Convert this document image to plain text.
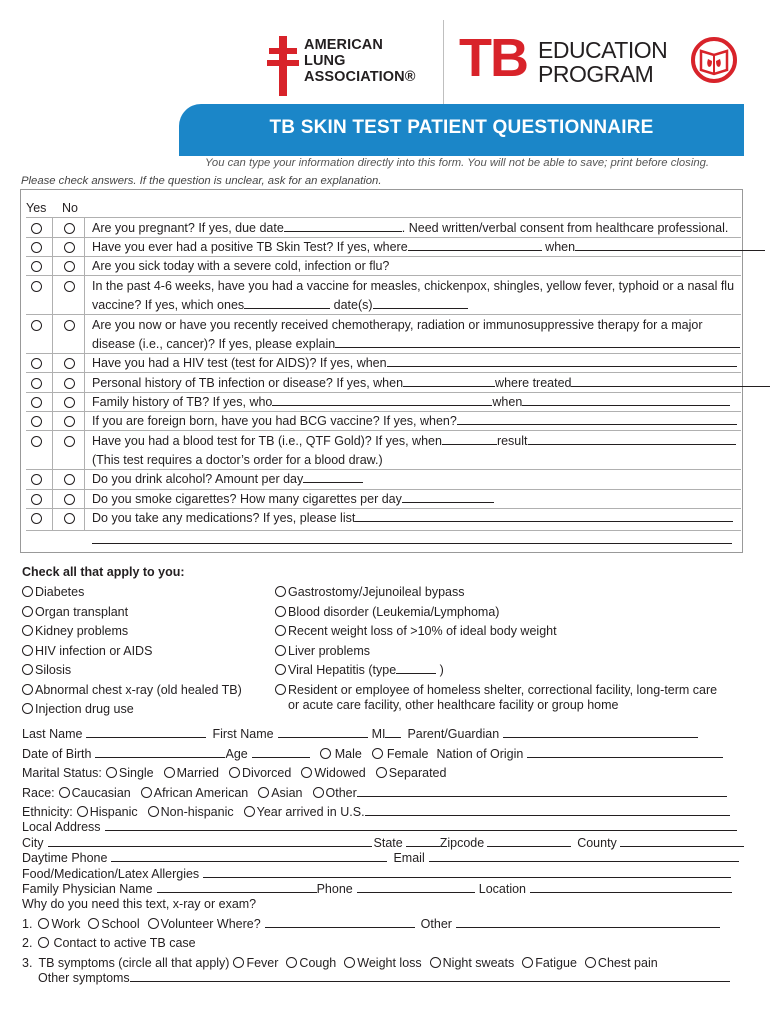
AMERICAN
LUNG
ASSOCIATION® TB EDUCATION
PROGRAM
TB SKIN TEST PATIENT QUESTIONNAIRE
You can type your information directly into this form. You will not be able to save; print before closing.
Please check answers. If the question is unclear, ask for an explanation.
Yes No
Are you pregnant? If yes, due date	. Need written/verbal consent from healthcare professional.
Have you ever had a positive TB Skin Test? If yes, where	when
Are you sick today with a severe cold, infection or flu?
In the past 4-6 weeks, have you had a vaccine for measles, chickenpox, shingles, yellow fever, typhoid or a nasal flu
vaccine? If yes, which ones	date(s)
Are you now or have you recently received chemotherapy, radiation or immunosuppressive therapy for a major
disease (i.e., cancer)? If yes, please explain
Have you had a HIV test (test for AIDS)? If yes, when
Personal history of TB infection or disease? If yes, when	where treated
Family history of TB? If yes, who	when
If you are foreign born, have you had BCG vaccine? If yes, when?
Have you had a blood test for TB (i.e., QTF Gold)? If yes, when	result
(This test requires a doctor’s order for a blood draw.)
Do you drink alcohol? Amount per day
Do you smoke cigarettes? How many cigarettes per day
Do you take any medications? If yes, please list
Check all that apply to you:
Diabetes
Organ transplant
Kidney problems
HIV infection or AIDS
Silosis
Abnormal chest x-ray (old healed TB)
Injection drug use
Gastrostomy/Jejunoileal bypass
Blood disorder (Leukemia/Lymphoma)
Recent weight loss of >10% of ideal body weight
Liver problems
Viral Hepatitis (type	)
Resident or employee of homeless shelter, correctional facility, long-term care
or acute care facility, other healthcare facility or group home
Last Name	First Name	MI Parent/Guardian
Date of Birth	Age	Male Female Nation of Origin
Marital Status: Single Married Divorced Widowed Separated
Race: Caucasian African American Asian Other
Ethnicity: Hispanic Non-hispanic Year arrived in U.S.
Local Address
City	State	Zipcode	County
Daytime Phone	Email
Food/Medication/Latex Allergies
Family Physician Name	Phone	Location
Why do you need this text, x-ray or exam?
1. Work School Volunteer Where?	Other
2. Contact to active TB case
3. TB symptoms (circle all that apply) Fever Cough Weight loss Night sweats Fatigue Chest pain
Other symptoms
